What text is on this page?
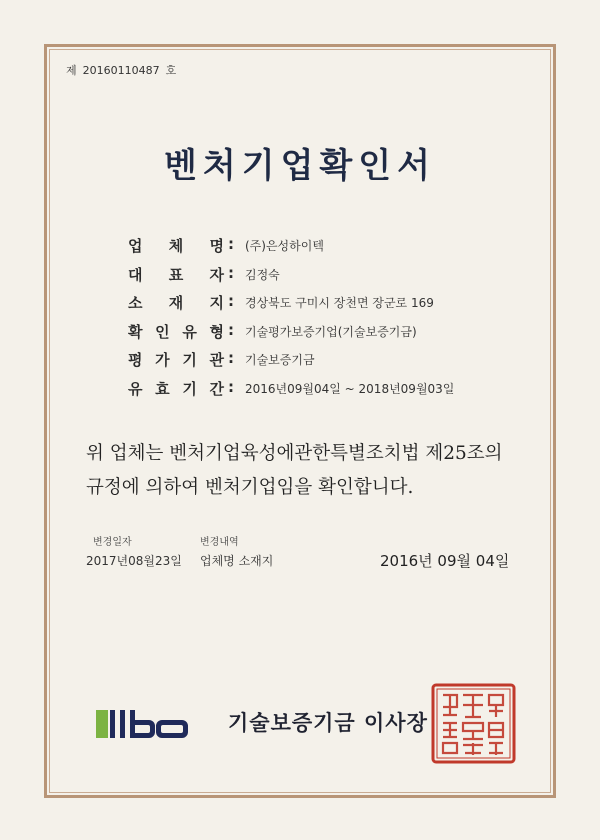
제 20160110487 호
벤처기업확인서
업 체 명 : (주)은성하이텍
대 표 자 : 김정숙
소 재 지 : 경상북도 구미시 장천면 장군로 169
확 인 유 형 : 기술평가보증기업(기술보증기금)
평 가 기 관 : 기술보증기금
유 효 기 간 : 2016년09월04일 ~ 2018년09월03일
위 업체는 벤처기업육성에관한특별조치법 제25조의
규정에 의하여 벤처기업임을 확인합니다.
변경일자	변경내역
2017년08월23일 업체명 소재지	2016년 09월 04일
기술보증기금 이사장
